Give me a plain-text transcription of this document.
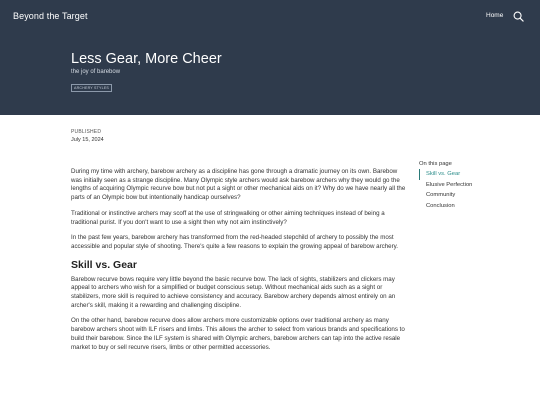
Beyond the Target	Home
Less Gear, More Cheer
the joy of barebow
ARCHERY STYLES
PUBLISHED
July 15, 2024

During my time with archery, barebow archery as a discipline has gone through a dramatic journey on its own. Barebow was initially seen as a strange discipline. Many Olympic style archers would ask barebow archers why they would go the lengths of acquiring Olympic recurve bow but not put a sight or other mechanical aids on it? Why do we have nearly all the parts of an Olympic bow but intentionally handicap ourselves?

Traditional or instinctive archers may scoff at the use of stringwalking or other aiming techniques instead of being a traditional purist. If you don't want to use a sight then why not aim instinctively?

In the past few years, barebow archery has transformed from the red-headed stepchild of archery to possibly the most accessible and popular style of shooting. There's quite a few reasons to explain the growing appeal of barebow archery.

Skill vs. Gear

Barebow recurve bows require very little beyond the basic recurve bow. The lack of sights, stabilizers and clickers may appeal to archers who wish for a simplified or budget conscious setup. Without mechanical aids such as a sight or stabilizers, more skill is required to achieve consistency and accuracy. Barebow archery depends almost entirely on an archer's skill, making it a rewarding and challenging discipline.

On the other hand, barebow recurve does allow archers more customizable options over traditional archery as many barebow archers shoot with ILF risers and limbs. This allows the archer to select from various brands and specifications to build their barebow. Since the ILF system is shared with Olympic archers, barebow archers can tap into the active resale market to buy or sell recurve risers, limbs or other permitted accessories.

On this page
Skill vs. Gear
Elusive Perfection
Community
Conclusion
